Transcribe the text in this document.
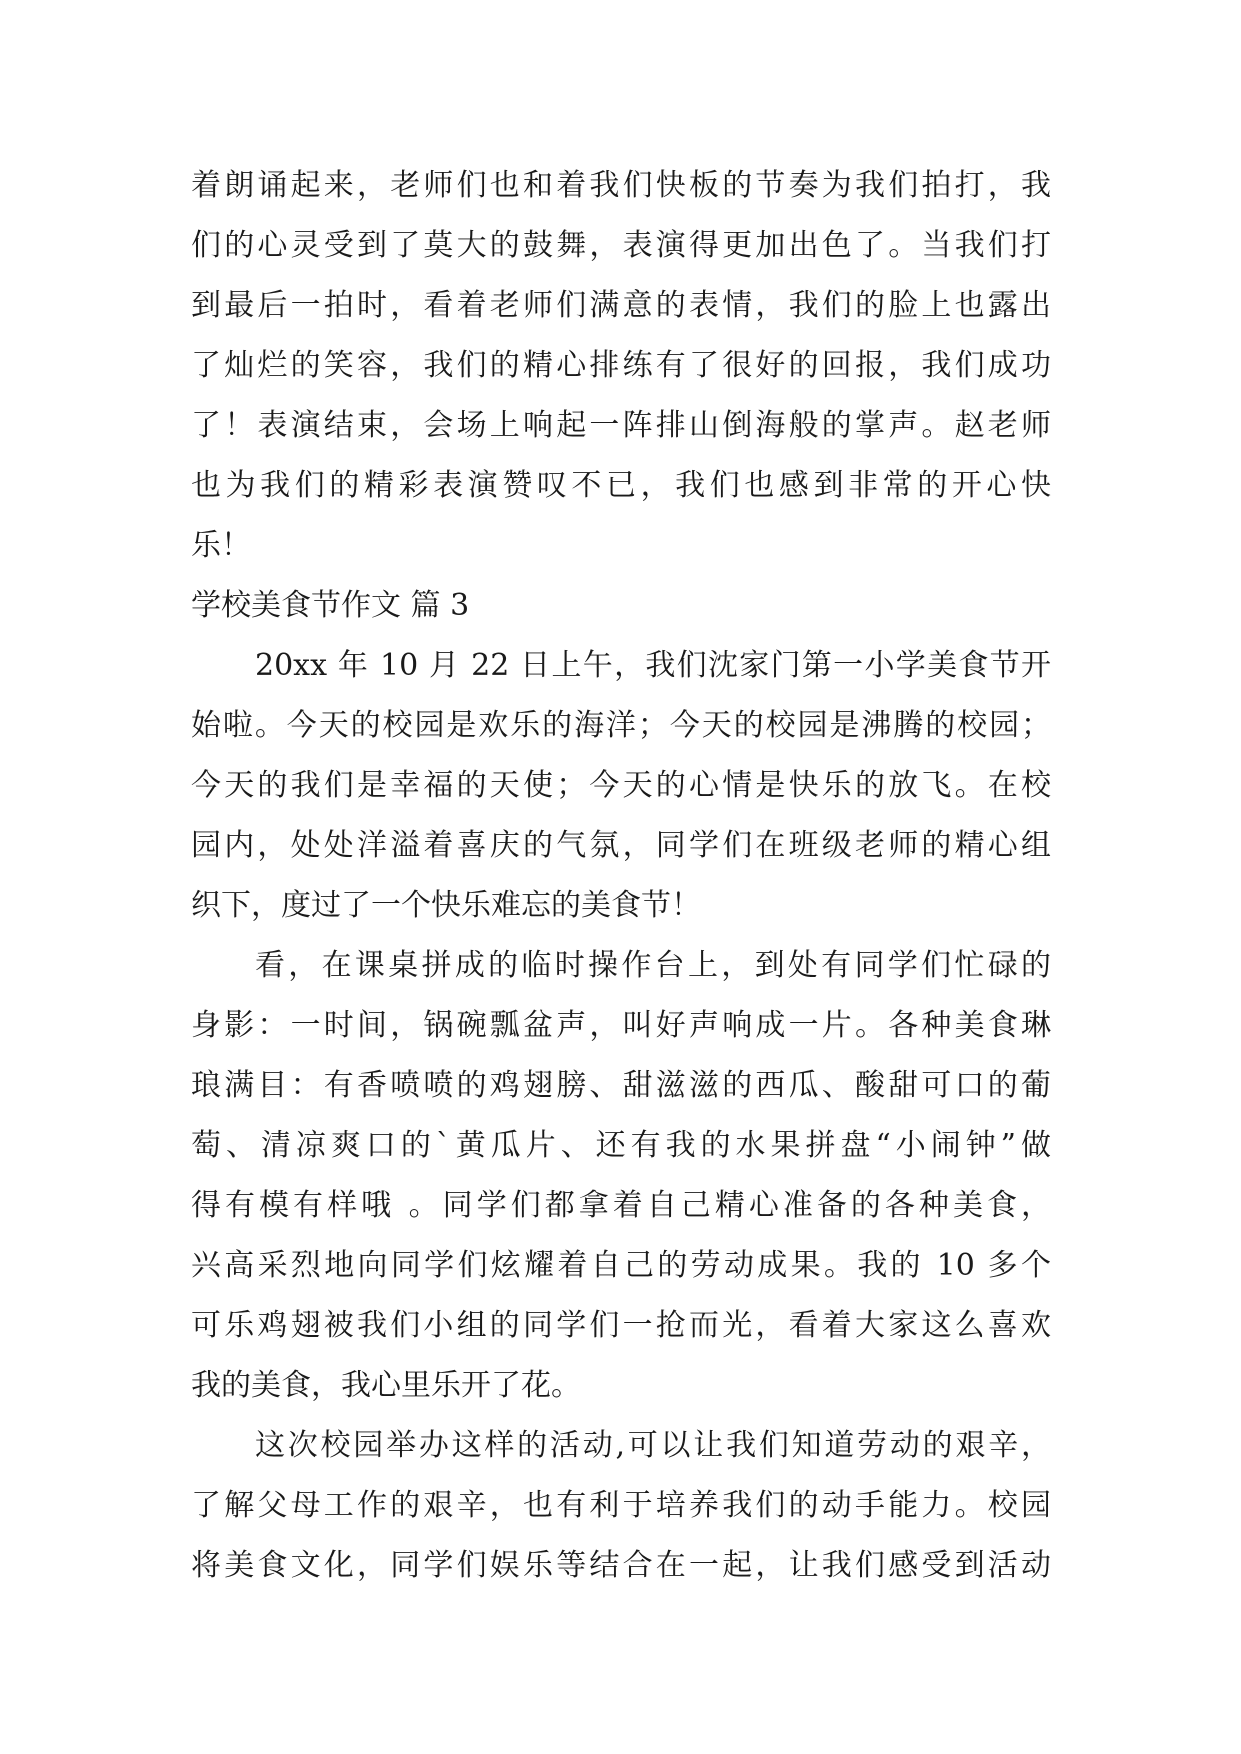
着朗诵起来，老师们也和着我们快板的节奏为我们拍打，我
们的心灵受到了莫大的鼓舞，表演得更加出色了。当我们打
到最后一拍时，看着老师们满意的表情，我们的脸上也露出
了灿烂的笑容，我们的精心排练有了很好的回报，我们成功
了！表演结束，会场上响起一阵排山倒海般的掌声。赵老师
也为我们的精彩表演赞叹不已，我们也感到非常的开心快
乐！
学校美食节作文 篇 3
20xx 年 10 月 22 日上午，我们沈家门第一小学美食节开
始啦。今天的校园是欢乐的海洋；今天的校园是沸腾的校园；
今天的我们是幸福的天使；今天的心情是快乐的放飞。在校
园内，处处洋溢着喜庆的气氛，同学们在班级老师的精心组
织下，度过了一个快乐难忘的美食节！
看，在课桌拼成的临时操作台上，到处有同学们忙碌的
身影：一时间，锅碗瓢盆声，叫好声响成一片。各种美食琳
琅满目：有香喷喷的鸡翅膀、甜滋滋的西瓜、酸甜可口的葡
萄、清凉爽口的`黄瓜片、还有我的水果拼盘“小闹钟”做
得有模有样哦 。同学们都拿着自己精心准备的各种美食，
兴高采烈地向同学们炫耀着自己的劳动成果。我的 10 多个
可乐鸡翅被我们小组的同学们一抢而光，看着大家这么喜欢
我的美食，我心里乐开了花。
这次校园举办这样的活动,可以让我们知道劳动的艰辛，
了解父母工作的艰辛，也有利于培养我们的动手能力。校园
将美食文化，同学们娱乐等结合在一起，让我们感受到活动
